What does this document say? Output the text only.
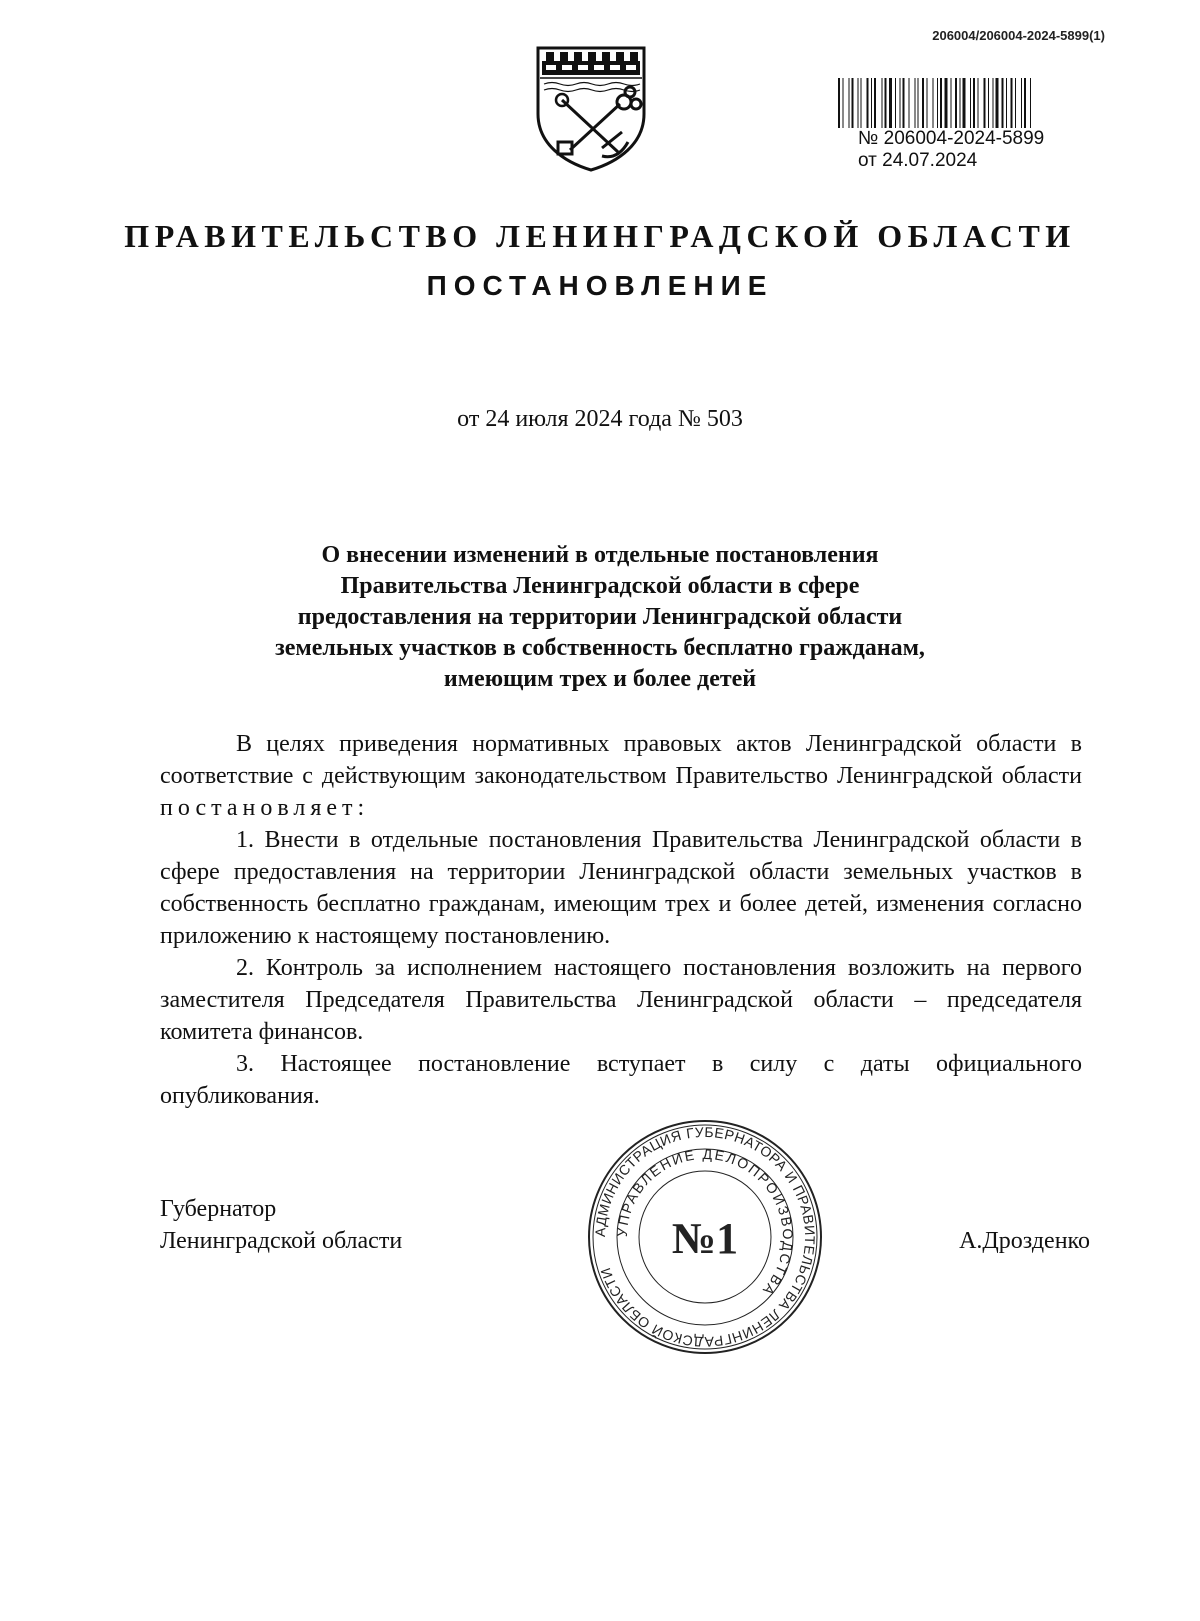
206004/206004-2024-5899(1)
№ 206004-2024-5899
от 24.07.2024
ПРАВИТЕЛЬСТВО ЛЕНИНГРАДСКОЙ ОБЛАСТИ
ПОСТАНОВЛЕНИЕ
от 24 июля 2024 года № 503
О внесении изменений в отдельные постановления
Правительства Ленинградской области в сфере
предоставления на территории Ленинградской области
земельных участков в собственность бесплатно гражданам,
имеющим трех и более детей

В целях приведения нормативных правовых актов Ленинградской области в соответствие с действующим законодательством Правительство Ленинградской области постановляет:

1. Внести в отдельные постановления Правительства Ленинградской области в сфере предоставления на территории Ленинградской области земельных участков в собственность бесплатно гражданам, имеющим трех и более детей, изменения согласно приложению к настоящему постановлению.

2. Контроль за исполнением настоящего постановления возложить на первого заместителя Председателя Правительства Ленинградской области – председателя комитета финансов.

3. Настоящее постановление вступает в силу с даты официального опубликования.

Губернатор
Ленинградской области	АДМИНИСТРАЦИЯ ГУБЕРНАТОРА И ПРАВИТЕЛЬСТВА ЛЕНИНГРАДСКОЙ ОБЛАСТИ
УПРАВЛЕНИЕ ДЕЛОПРОИЗВОДСТВА
№1	А.Дрозденко
